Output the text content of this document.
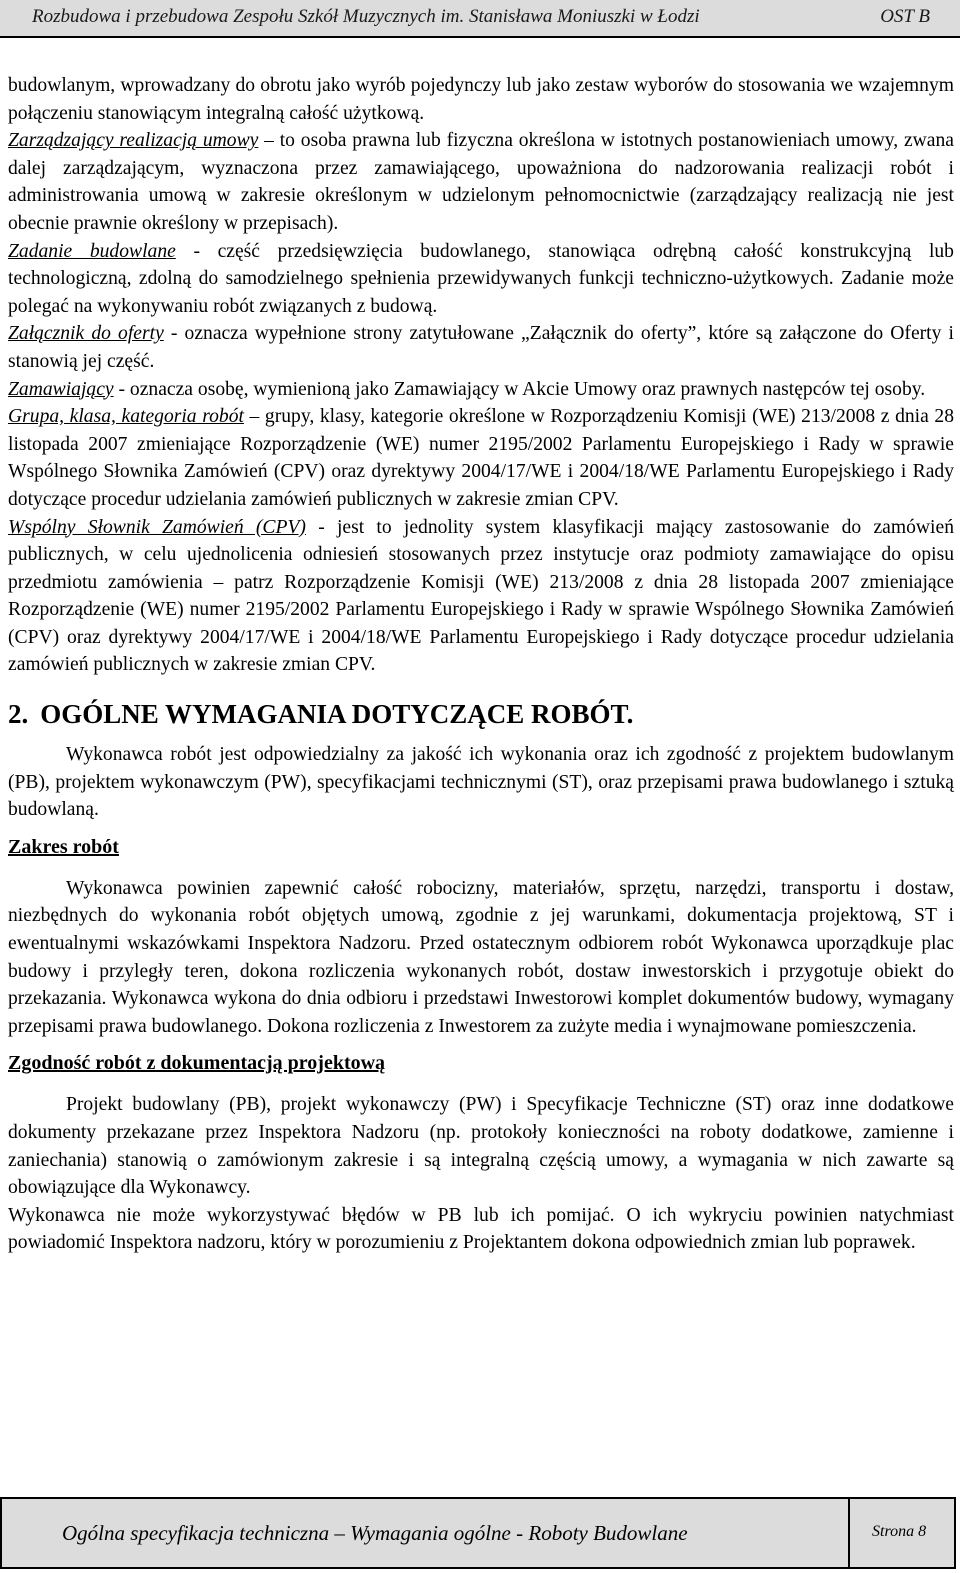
Rozbudowa i przebudowa Zespołu Szkół Muzycznych im. Stanisława Moniuszki w Łodzi	OST B

budowlanym, wprowadzany do obrotu jako wyrób pojedynczy lub jako zestaw wyborów do stosowania we wzajemnym połączeniu stanowiącym integralną całość użytkową.

Zarządzający realizacją umowy – to osoba prawna lub fizyczna określona w istotnych postanowieniach umowy, zwana dalej zarządzającym, wyznaczona przez zamawiającego, upoważniona do nadzorowania realizacji robót i administrowania umową w zakresie określonym w udzielonym pełnomocnictwie (zarządzający realizacją nie jest obecnie prawnie określony w przepisach).

Zadanie budowlane - część przedsięwzięcia budowlanego, stanowiąca odrębną całość konstrukcyjną lub technologiczną, zdolną do samodzielnego spełnienia przewidywanych funkcji techniczno-użytkowych. Zadanie może polegać na wykonywaniu robót związanych z budową.

Załącznik do oferty - oznacza wypełnione strony zatytułowane „Załącznik do oferty”, które są załączone do Oferty i stanowią jej część.

Zamawiający - oznacza osobę, wymienioną jako Zamawiający w Akcie Umowy oraz prawnych następców tej osoby.

Grupa, klasa, kategoria robót – grupy, klasy, kategorie określone w Rozporządzeniu Komisji (WE) 213/2008 z dnia 28 listopada 2007 zmieniające Rozporządzenie (WE) numer 2195/2002 Parlamentu Europejskiego i Rady w sprawie Wspólnego Słownika Zamówień (CPV) oraz dyrektywy 2004/17/WE i 2004/18/WE Parlamentu Europejskiego i Rady dotyczące procedur udzielania zamówień publicznych w zakresie zmian CPV.

Wspólny Słownik Zamówień (CPV) - jest to jednolity system klasyfikacji mający zastosowanie do zamówień publicznych, w celu ujednolicenia odniesień stosowanych przez instytucje oraz podmioty zamawiające do opisu przedmiotu zamówienia – patrz Rozporządzenie Komisji (WE) 213/2008 z dnia 28 listopada 2007 zmieniające Rozporządzenie (WE) numer 2195/2002 Parlamentu Europejskiego i Rady w sprawie Wspólnego Słownika Zamówień (CPV) oraz dyrektywy 2004/17/WE i 2004/18/WE Parlamentu Europejskiego i Rady dotyczące procedur udzielania zamówień publicznych w zakresie zmian CPV.

2. OGÓLNE WYMAGANIA DOTYCZĄCE ROBÓT.

Wykonawca robót jest odpowiedzialny za jakość ich wykonania oraz ich zgodność z projektem budowlanym (PB), projektem wykonawczym (PW), specyfikacjami technicznymi (ST), oraz przepisami prawa budowlanego i sztuką budowlaną.

Zakres robót

Wykonawca powinien zapewnić całość robocizny, materiałów, sprzętu, narzędzi, transportu i dostaw, niezbędnych do wykonania robót objętych umową, zgodnie z jej warunkami, dokumentacja projektową, ST i ewentualnymi wskazówkami Inspektora Nadzoru. Przed ostatecznym odbiorem robót Wykonawca uporządkuje plac budowy i przyległy teren, dokona rozliczenia wykonanych robót, dostaw inwestorskich i przygotuje obiekt do przekazania. Wykonawca wykona do dnia odbioru i przedstawi Inwestorowi komplet dokumentów budowy, wymagany przepisami prawa budowlanego. Dokona rozliczenia z Inwestorem za zużyte media i wynajmowane pomieszczenia.

Zgodność robót z dokumentacją projektową

Projekt budowlany (PB), projekt wykonawczy (PW) i Specyfikacje Techniczne (ST) oraz inne dodatkowe dokumenty przekazane przez Inspektora Nadzoru (np. protokoły konieczności na roboty dodatkowe, zamienne i zaniechania) stanowią o zamówionym zakresie i są integralną częścią umowy, a wymagania w nich zawarte są obowiązujące dla Wykonawcy.

Wykonawca nie może wykorzystywać błędów w PB lub ich pomijać. O ich wykryciu powinien natychmiast powiadomić Inspektora nadzoru, który w porozumieniu z Projektantem dokona odpowiednich zmian lub poprawek.

Ogólna specyfikacja techniczna – Wymagania ogólne - Roboty Budowlane	Strona 8
